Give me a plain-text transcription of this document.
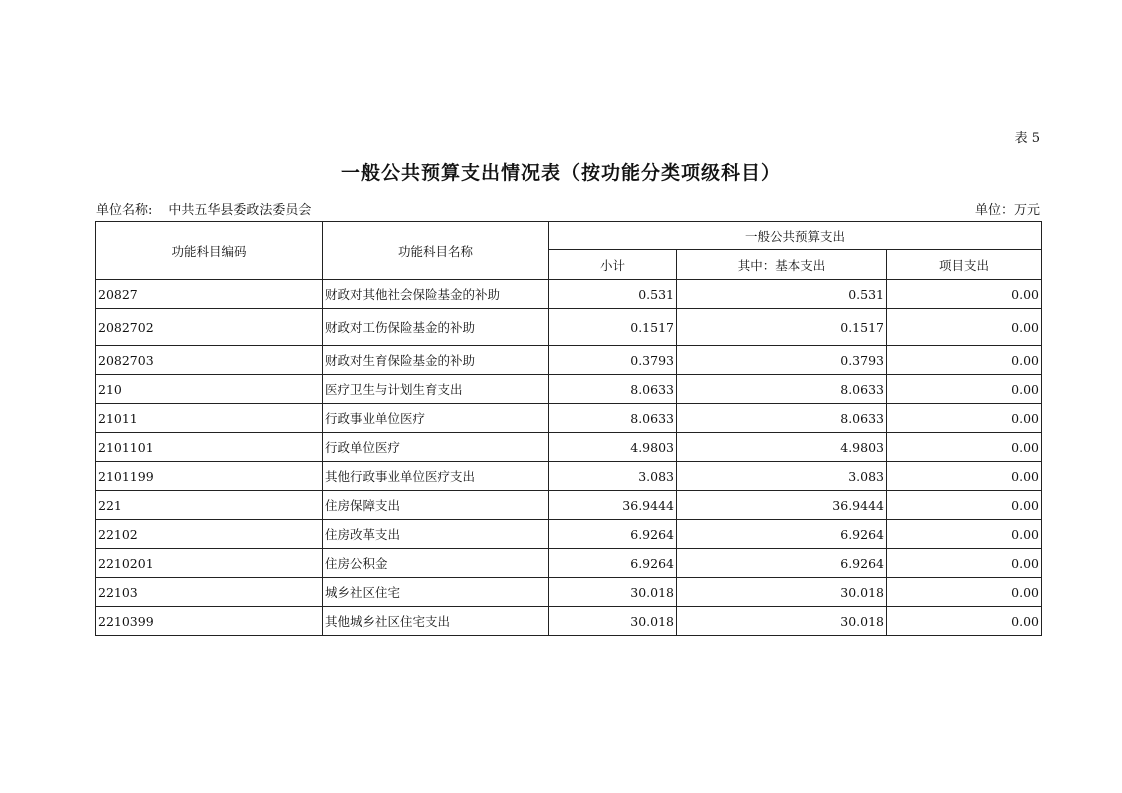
表 5
一般公共预算支出情况表（按功能分类项级科目）
单位名称: 中共五华县委政法委员会	单位：万元
功能科目编码	功能科目名称	一般公共预算支出		
		小计	其中：基本支出	项目支出
20827	财政对其他社会保险基金的补助	0.531	0.531	0.00
2082702	财政对工伤保险基金的补助	0.1517	0.1517	0.00
2082703	财政对生育保险基金的补助	0.3793	0.3793	0.00
210	医疗卫生与计划生育支出	8.0633	8.0633	0.00
21011	行政事业单位医疗	8.0633	8.0633	0.00
2101101	行政单位医疗	4.9803	4.9803	0.00
2101199	其他行政事业单位医疗支出	3.083	3.083	0.00
221	住房保障支出	36.9444	36.9444	0.00
22102	住房改革支出	6.9264	6.9264	0.00
2210201	住房公积金	6.9264	6.9264	0.00
22103	城乡社区住宅	30.018	30.018	0.00
2210399	其他城乡社区住宅支出	30.018	30.018	0.00
